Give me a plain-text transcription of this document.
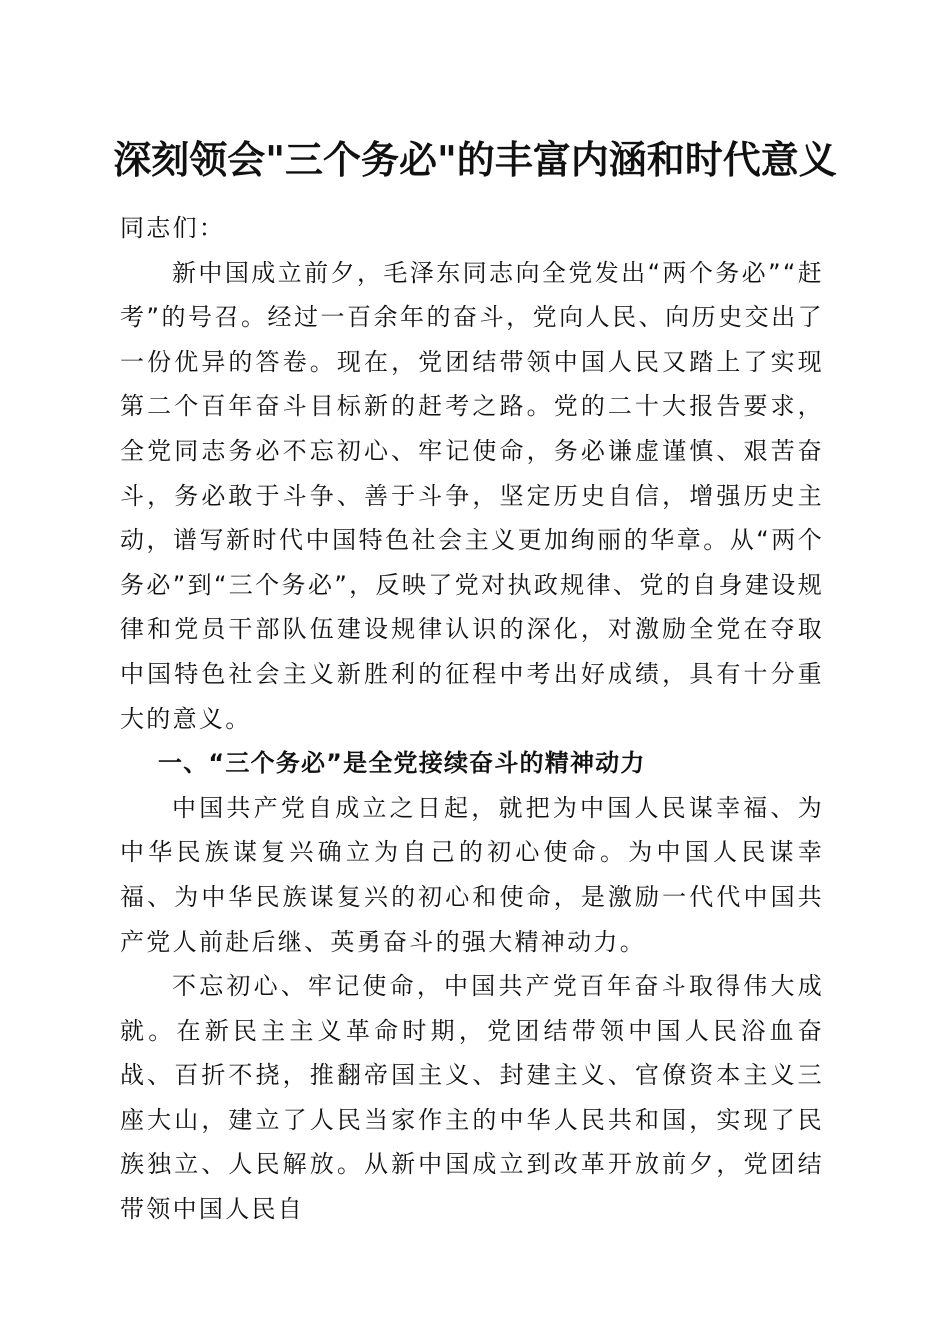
深刻领会"三个务必"的丰富内涵和时代意义

同志们：

新中国成立前夕，毛泽东同志向全党发出“两个务必”“赶考”的号召。经过一百余年的奋斗，党向人民、向历史交出了一份优异的答卷。现在，党团结带领中国人民又踏上了实现第二个百年奋斗目标新的赶考之路。党的二十大报告要求，全党同志务必不忘初心、牢记使命，务必谦虚谨慎、艰苦奋斗，务必敢于斗争、善于斗争，坚定历史自信，增强历史主动，谱写新时代中国特色社会主义更加绚丽的华章。从“两个务必”到“三个务必”，反映了党对执政规律、党的自身建设规律和党员干部队伍建设规律认识的深化，对激励全党在夺取中国特色社会主义新胜利的征程中考出好成绩，具有十分重大的意义。

一、“三个务必”是全党接续奋斗的精神动力

中国共产党自成立之日起，就把为中国人民谋幸福、为中华民族谋复兴确立为自己的初心使命。为中国人民谋幸福、为中华民族谋复兴的初心和使命，是激励一代代中国共产党人前赴后继、英勇奋斗的强大精神动力。

不忘初心、牢记使命，中国共产党百年奋斗取得伟大成就。在新民主主义革命时期，党团结带领中国人民浴血奋战、百折不挠，推翻帝国主义、封建主义、官僚资本主义三座大山，建立了人民当家作主的中华人民共和国，实现了民族独立、人民解放。从新中国成立到改革开放前夕，党团结带领中国人民自
